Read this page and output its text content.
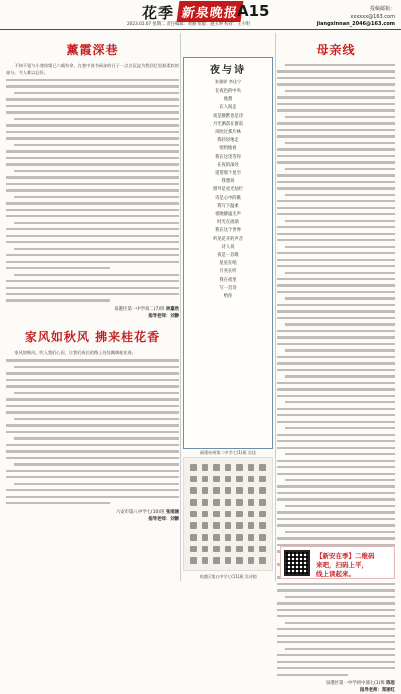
花季 新泉晚报
A15
2023.02.07 星期二 责任编辑：黄丽 组版：施玉坤 校对：王小明
投稿邮箱：
xxxxxx@163.com
jiangxinnan_2046@163.com
薰霞深巷

不知不觉与小巷结缘已六载有余，在巷中读书闲步的日子一点点沉淀为我回忆里最柔软的部分，令人难以忘怀。

泉港区第一中学高二(7)班 林嘉欣
指导老师：刘静
家风如秋风 拂来桂花香

家风如秋风，吹入我们心田，让我们成长的路上处处飘满桂花香。

六安市第八中学七(10)班 张雨涵
指导老师：刘静
夜与诗
张雅婷 李佳宁
在夜色的中央
他想
在人间走
夜是静默也是诗
月光洒落在窗前
风吹过那片林
我轻轻地走
悄悄地看
我在这里等你
在夜的深处
遥望那个星空
我想说
窗外是星光灿烂
诗是心中的歌
我写下温柔
夜晚静谧无声
时光在流淌
我在这个世界
听见花开的声音
诗人说
夜是一首歌
星星在唱
月亮在听
我在夜里
写一首诗
给你
福建泉州第二中学七(1)班 吴佳
泉港区第五中学七(11)班 吴诗韵
母亲线
泉港区第一中学初中部七(1)班 陈思
指导老师：郑丽红
【新安在季】二维码
来吧，扫码上平，
线上读起来。
